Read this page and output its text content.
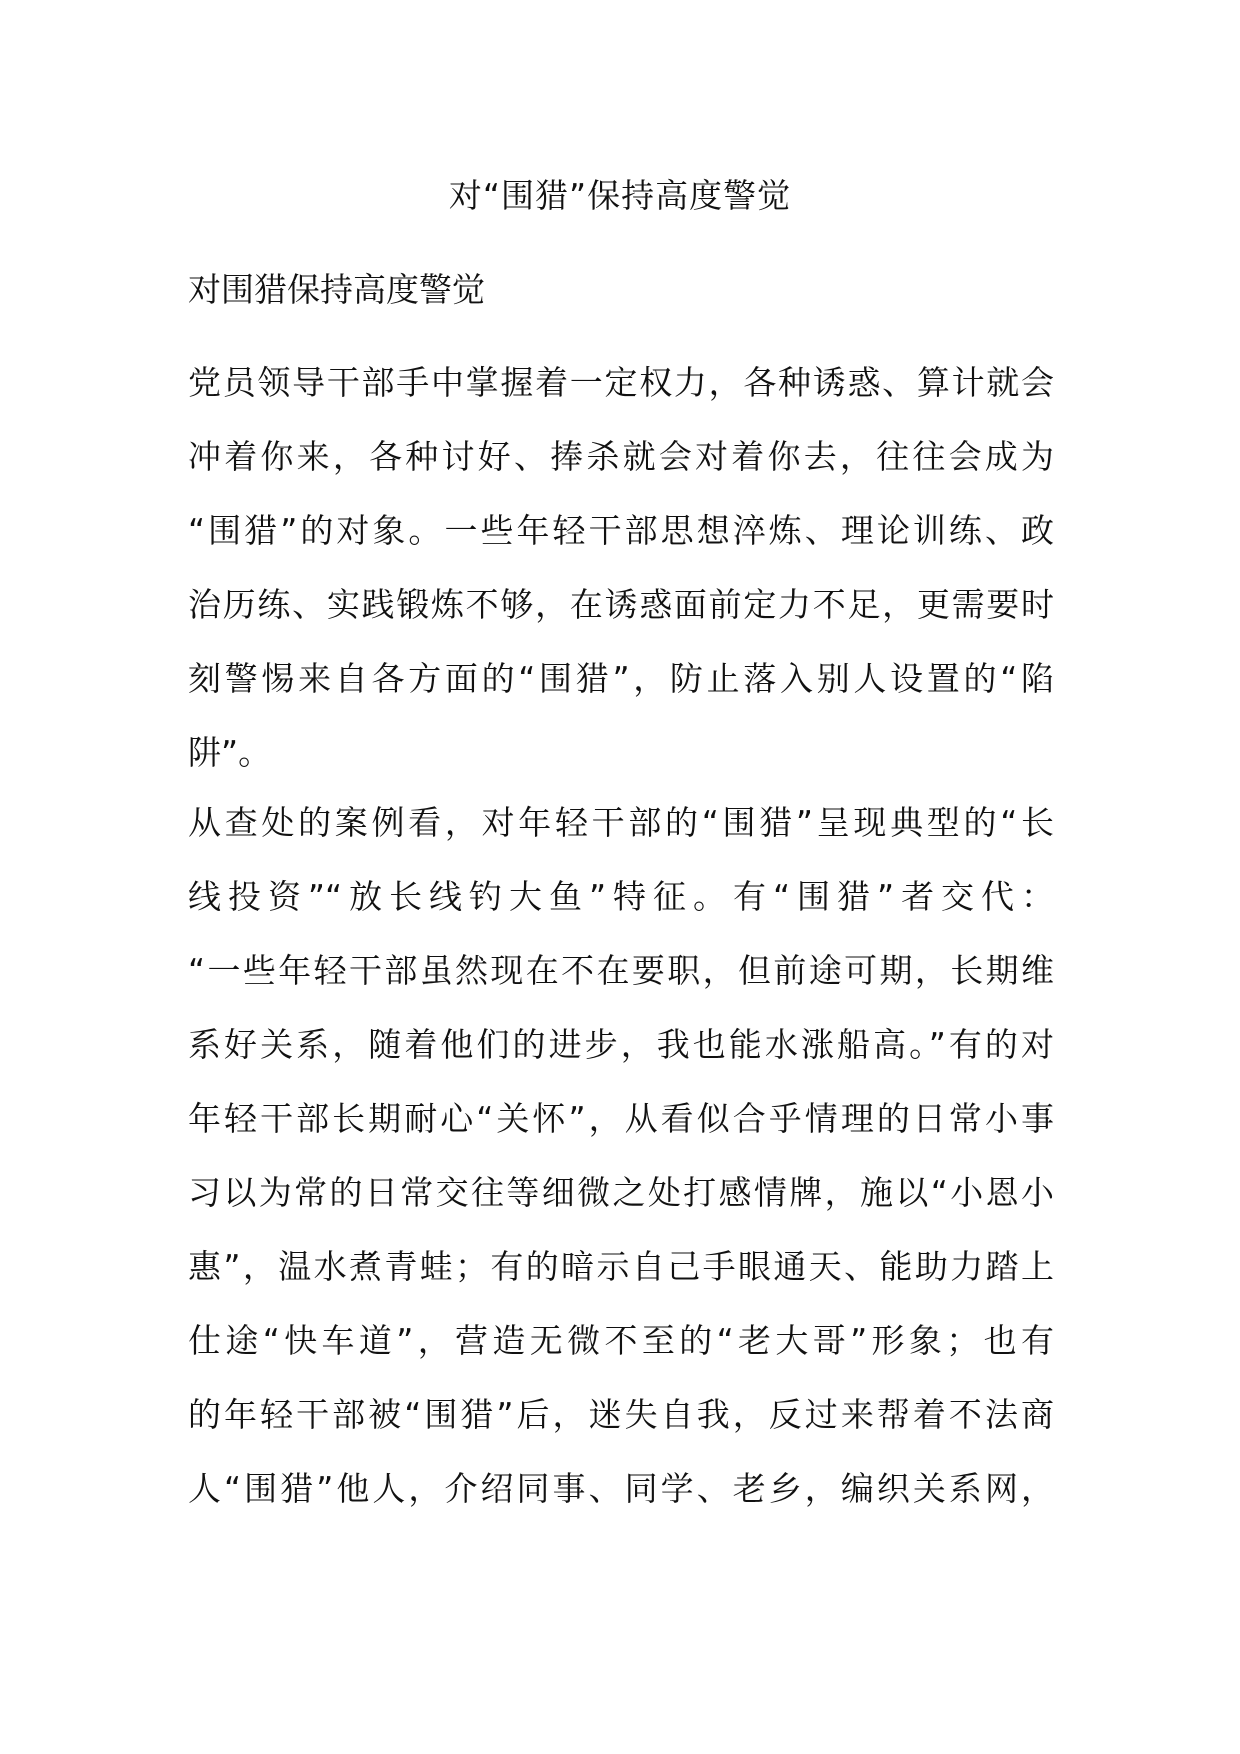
对“围猎”保持高度警觉
对围猎保持高度警觉
党员领导干部手中掌握着一定权力，各种诱惑、算计就会
冲着你来，各种讨好、捧杀就会对着你去，往往会成为
“围猎”的对象。一些年轻干部思想淬炼、理论训练、政
治历练、实践锻炼不够，在诱惑面前定力不足，更需要时
刻警惕来自各方面的“围猎”，防止落入别人设置的“陷
阱”。
从查处的案例看，对年轻干部的“围猎”呈现典型的“长
线投资”“放长线钓大鱼”特征。有“围猎”者交代：
“一些年轻干部虽然现在不在要职，但前途可期，长期维
系好关系，随着他们的进步，我也能水涨船高。”有的对
年轻干部长期耐心“关怀”，从看似合乎情理的日常小事
习以为常的日常交往等细微之处打感情牌，施以“小恩小
惠”，温水煮青蛙；有的暗示自己手眼通天、能助力踏上
仕途“快车道”，营造无微不至的“老大哥”形象；也有
的年轻干部被“围猎”后，迷失自我，反过来帮着不法商
人“围猎”他人，介绍同事、同学、老乡，编织关系网，
